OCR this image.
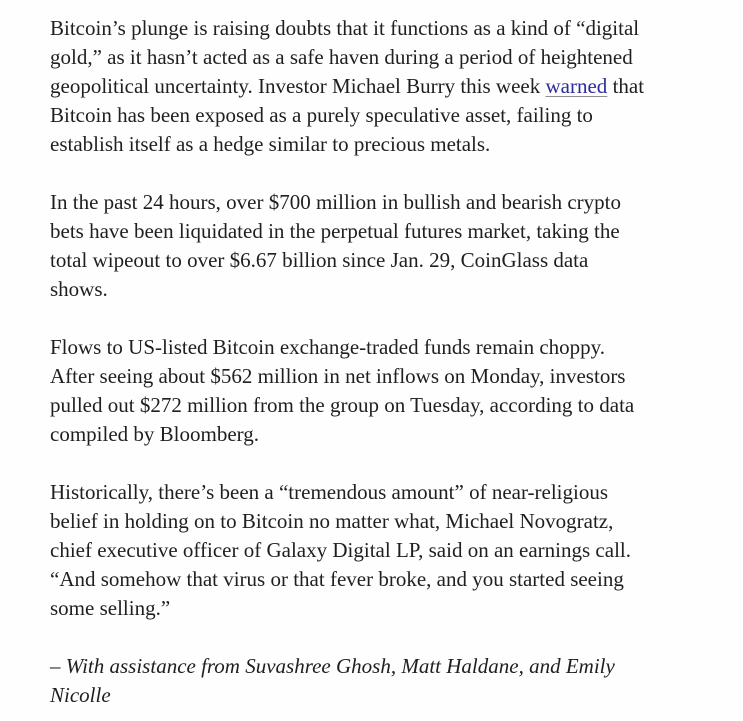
Bitcoin’s plunge is raising doubts that it functions as a kind of “digital gold,” as it hasn’t acted as a safe haven during a period of heightened geopolitical uncertainty. Investor Michael Burry this week warned that Bitcoin has been exposed as a purely speculative asset, failing to establish itself as a hedge similar to precious metals.

In the past 24 hours, over $700 million in bullish and bearish crypto bets have been liquidated in the perpetual futures market, taking the total wipeout to over $6.67 billion since Jan. 29, CoinGlass data shows.

Flows to US-listed Bitcoin exchange-traded funds remain choppy. After seeing about $562 million in net inflows on Monday, investors pulled out $272 million from the group on Tuesday, according to data compiled by Bloomberg.

Historically, there’s been a “tremendous amount” of near-religious belief in holding on to Bitcoin no matter what, Michael Novogratz, chief executive officer of Galaxy Digital LP, said on an earnings call. “And somehow that virus or that fever broke, and you started seeing some selling.”

– With assistance from Suvashree Ghosh, Matt Haldane, and Emily Nicolle
